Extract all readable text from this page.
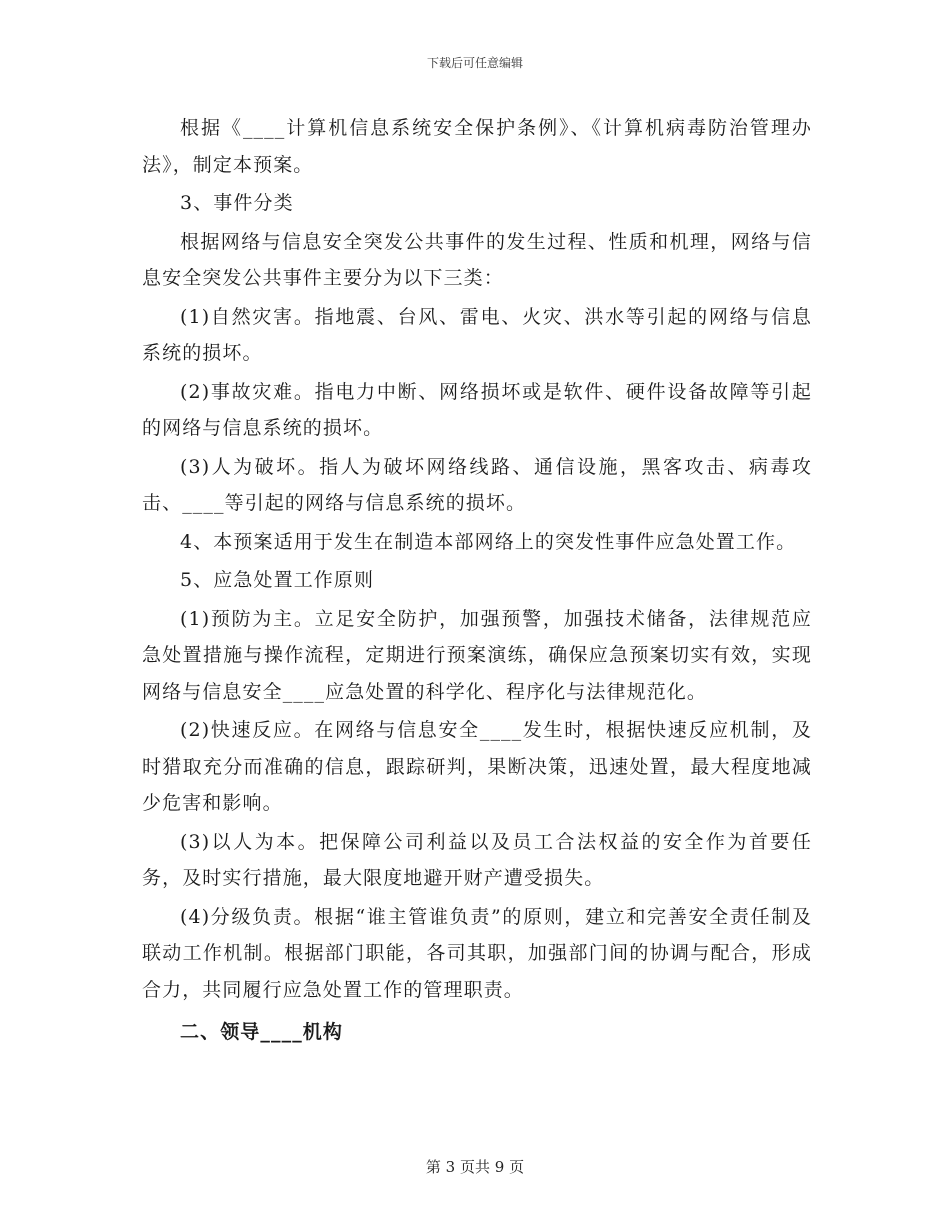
下载后可任意编辑

根据《____计算机信息系统安全保护条例》、《计算机病毒防治管理办法》，制定本预案。

3、事件分类

根据网络与信息安全突发公共事件的发生过程、性质和机理，网络与信息安全突发公共事件主要分为以下三类：

(1)自然灾害。指地震、台风、雷电、火灾、洪水等引起的网络与信息系统的损坏。

(2)事故灾难。指电力中断、网络损坏或是软件、硬件设备故障等引起的网络与信息系统的损坏。

(3)人为破坏。指人为破坏网络线路、通信设施，黑客攻击、病毒攻击、____等引起的网络与信息系统的损坏。

4、本预案适用于发生在制造本部网络上的突发性事件应急处置工作。

5、应急处置工作原则

(1)预防为主。立足安全防护，加强预警，加强技术储备，法律规范应急处置措施与操作流程，定期进行预案演练，确保应急预案切实有效，实现网络与信息安全____应急处置的科学化、程序化与法律规范化。

(2)快速反应。在网络与信息安全____发生时，根据快速反应机制，及时猎取充分而准确的信息，跟踪研判，果断决策，迅速处置，最大程度地减少危害和影响。

(3)以人为本。把保障公司利益以及员工合法权益的安全作为首要任务，及时实行措施，最大限度地避开财产遭受损失。

(4)分级负责。根据“谁主管谁负责”的原则，建立和完善安全责任制及联动工作机制。根据部门职能，各司其职，加强部门间的协调与配合，形成合力，共同履行应急处置工作的管理职责。

二、领导____机构

第 3 页共 9 页
